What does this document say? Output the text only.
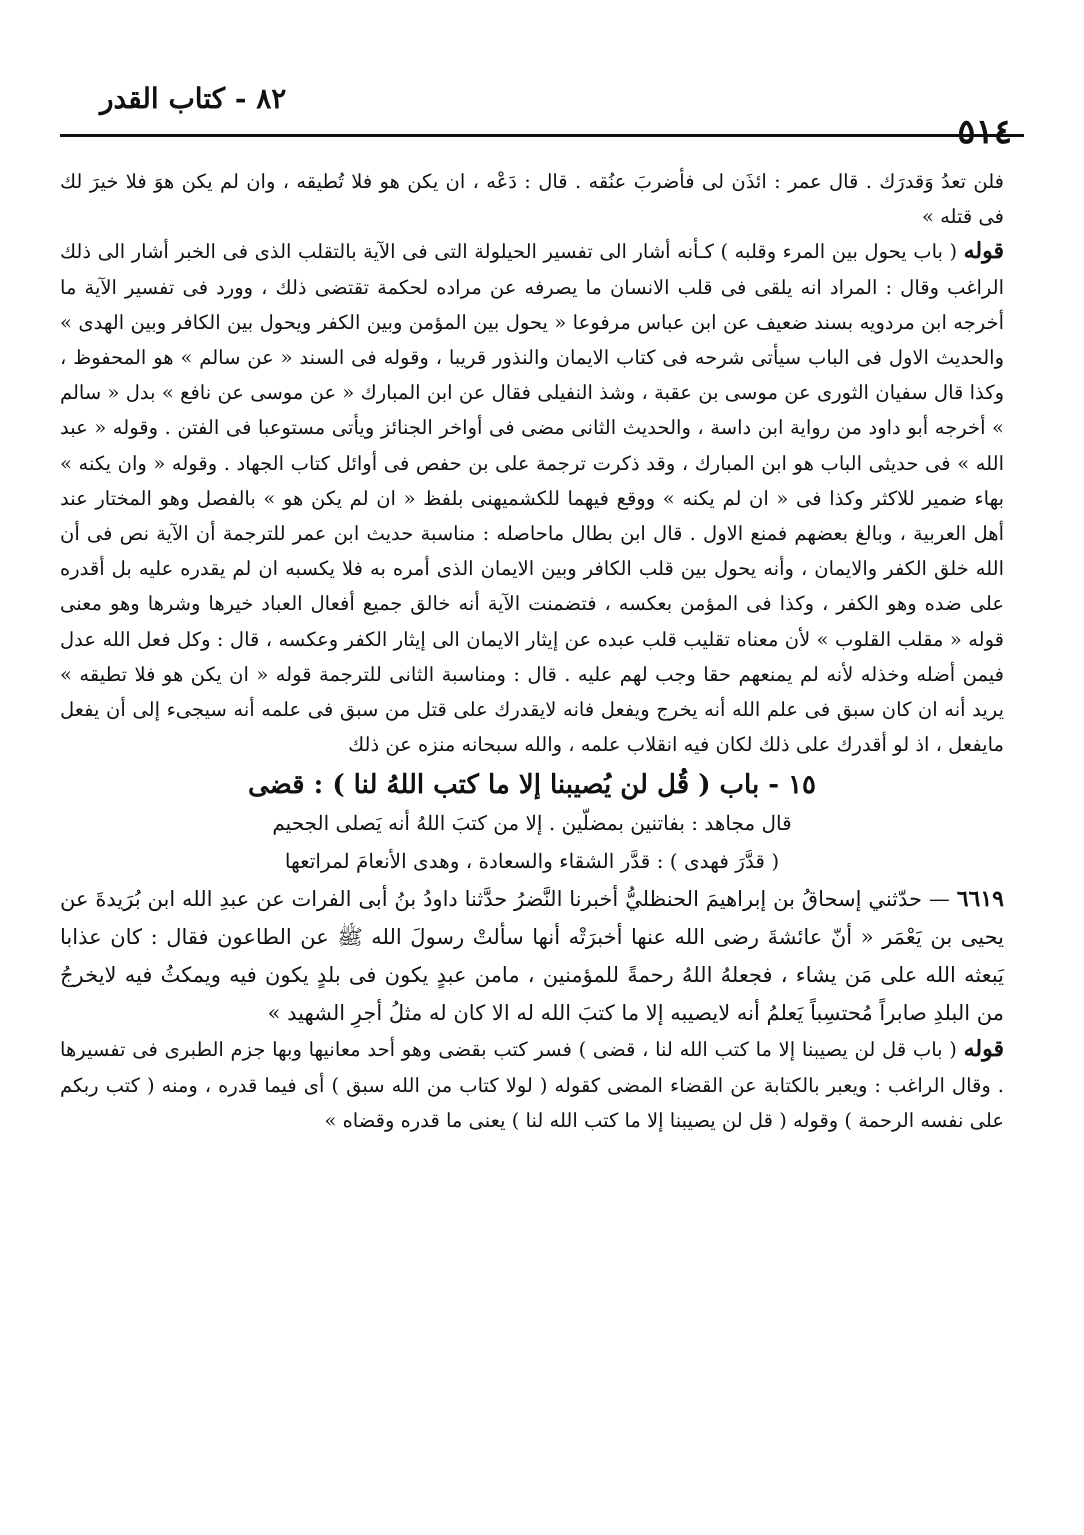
٥١٤
٨٢ - كتاب القدر

فلن تعدُ وَقدرَك . قال عمر : ائذَن لى فأضربَ عنُقه . قال : دَعْه ، ان يكن هو فلا تُطيقه ، وان لم يكن هوَ فلا خيرَ لك فى قتله »

قوله ( باب يحول بين المرء وقلبه ) كـأنه أشار الى تفسير الحيلولة التى فى الآية بالتقلب الذى فى الخبر أشار الى ذلك الراغب وقال : المراد انه يلقى فى قلب الانسان ما يصرفه عن مراده لحكمة تقتضى ذلك ، وورد فى تفسير الآية ما أخرجه ابن مردويه بسند ضعيف عن ابن عباس مرفوعا « يحول بين المؤمن وبين الكفر ويحول بين الكافر وبين الهدى » والحديث الاول فى الباب سيأتى شرحه فى كتاب الايمان والنذور قريبا ، وقوله فى السند « عن سالم » هو المحفوظ ، وكذا قال سفيان الثورى عن موسى بن عقبة ، وشذ النفيلى فقال عن ابن المبارك « عن موسى عن نافع » بدل « سالم » أخرجه أبو داود من رواية ابن داسة ، والحديث الثانى مضى فى أواخر الجنائز ويأتى مستوعبا فى الفتن . وقوله « عبد الله » فى حديثى الباب هو ابن المبارك ، وقد ذكرت ترجمة على بن حفص فى أوائل كتاب الجهاد . وقوله « وان يكنه » بهاء ضمير للاكثر وكذا فى « ان لم يكنه » ووقع فيهما للكشميهنى بلفظ « ان لم يكن هو » بالفصل وهو المختار عند أهل العربية ، وبالغ بعضهم فمنع الاول . قال ابن بطال ماحاصله : مناسبة حديث ابن عمر للترجمة أن الآية نص فى أن الله خلق الكفر والايمان ، وأنه يحول بين قلب الكافر وبين الايمان الذى أمره به فلا يكسبه ان لم يقدره عليه بل أقدره على ضده وهو الكفر ، وكذا فى المؤمن بعكسه ، فتضمنت الآية أنه خالق جميع أفعال العباد خيرها وشرها وهو معنى قوله « مقلب القلوب » لأن معناه تقليب قلب عبده عن إيثار الايمان الى إيثار الكفر وعكسه ، قال : وكل فعل الله عدل فيمن أضله وخذله لأنه لم يمنعهم حقا وجب لهم عليه . قال : ومناسبة الثانى للترجمة قوله « ان يكن هو فلا تطيقه » يريد أنه ان كان سبق فى علم الله أنه يخرج ويفعل فانه لايقدرك على قتل من سبق فى علمه أنه سيجىء إلى أن يفعل مايفعل ، اذ لو أقدرك على ذلك لكان فيه انقلاب علمه ، والله سبحانه منزه عن ذلك

١٥ - باب ( قُل لن يُصيبنا إلا ما كتب اللهُ لنا ) : قضى
قال مجاهد : بفاتنين بمضلّين . إلا من كتبَ اللهُ أنه يَصلى الجحيم
( قدَّرَ فهدى ) : قدَّر الشقاء والسعادة ، وهدى الأنعامَ لمراتعها

٦٦١٩ — حدّثني إسحاقُ بن إبراهيمَ الحنظليُّ أخبرنا النَّضرُ حدَّثنا داودُ بنُ أبى الفرات عن عبدِ الله ابن بُرَيدةَ عن يحيى بن يَعْمَر « أنّ عائشةَ رضى الله عنها أخبرَتْه أنها سألتْ رسولَ الله ﷺ عن الطاعون فقال : كان عذابا يَبعثه الله على مَن يشاء ، فجعلهُ اللهُ رحمةً للمؤمنين ، مامن عبدٍ يكون فى بلدٍ يكون فيه ويمكثُ فيه لايخرجُ من البلدِ صابراً مُحتسِباً يَعلمُ أنه لايصيبه إلا ما كتبَ الله له الا كان له مثلُ أجرِ الشهيد »

قوله ( باب قل لن يصيبنا إلا ما كتب الله لنا ، قضى ) فسر كتب بقضى وهو أحد معانيها وبها جزم الطبرى فى تفسيرها . وقال الراغب : ويعبر بالكتابة عن القضاء المضى كقوله ( لولا كتاب من الله سبق ) أى فيما قدره ، ومنه ( كتب ربكم على نفسه الرحمة ) وقوله ( قل لن يصيبنا إلا ما كتب الله لنا ) يعنى ما قدره وقضاه »
